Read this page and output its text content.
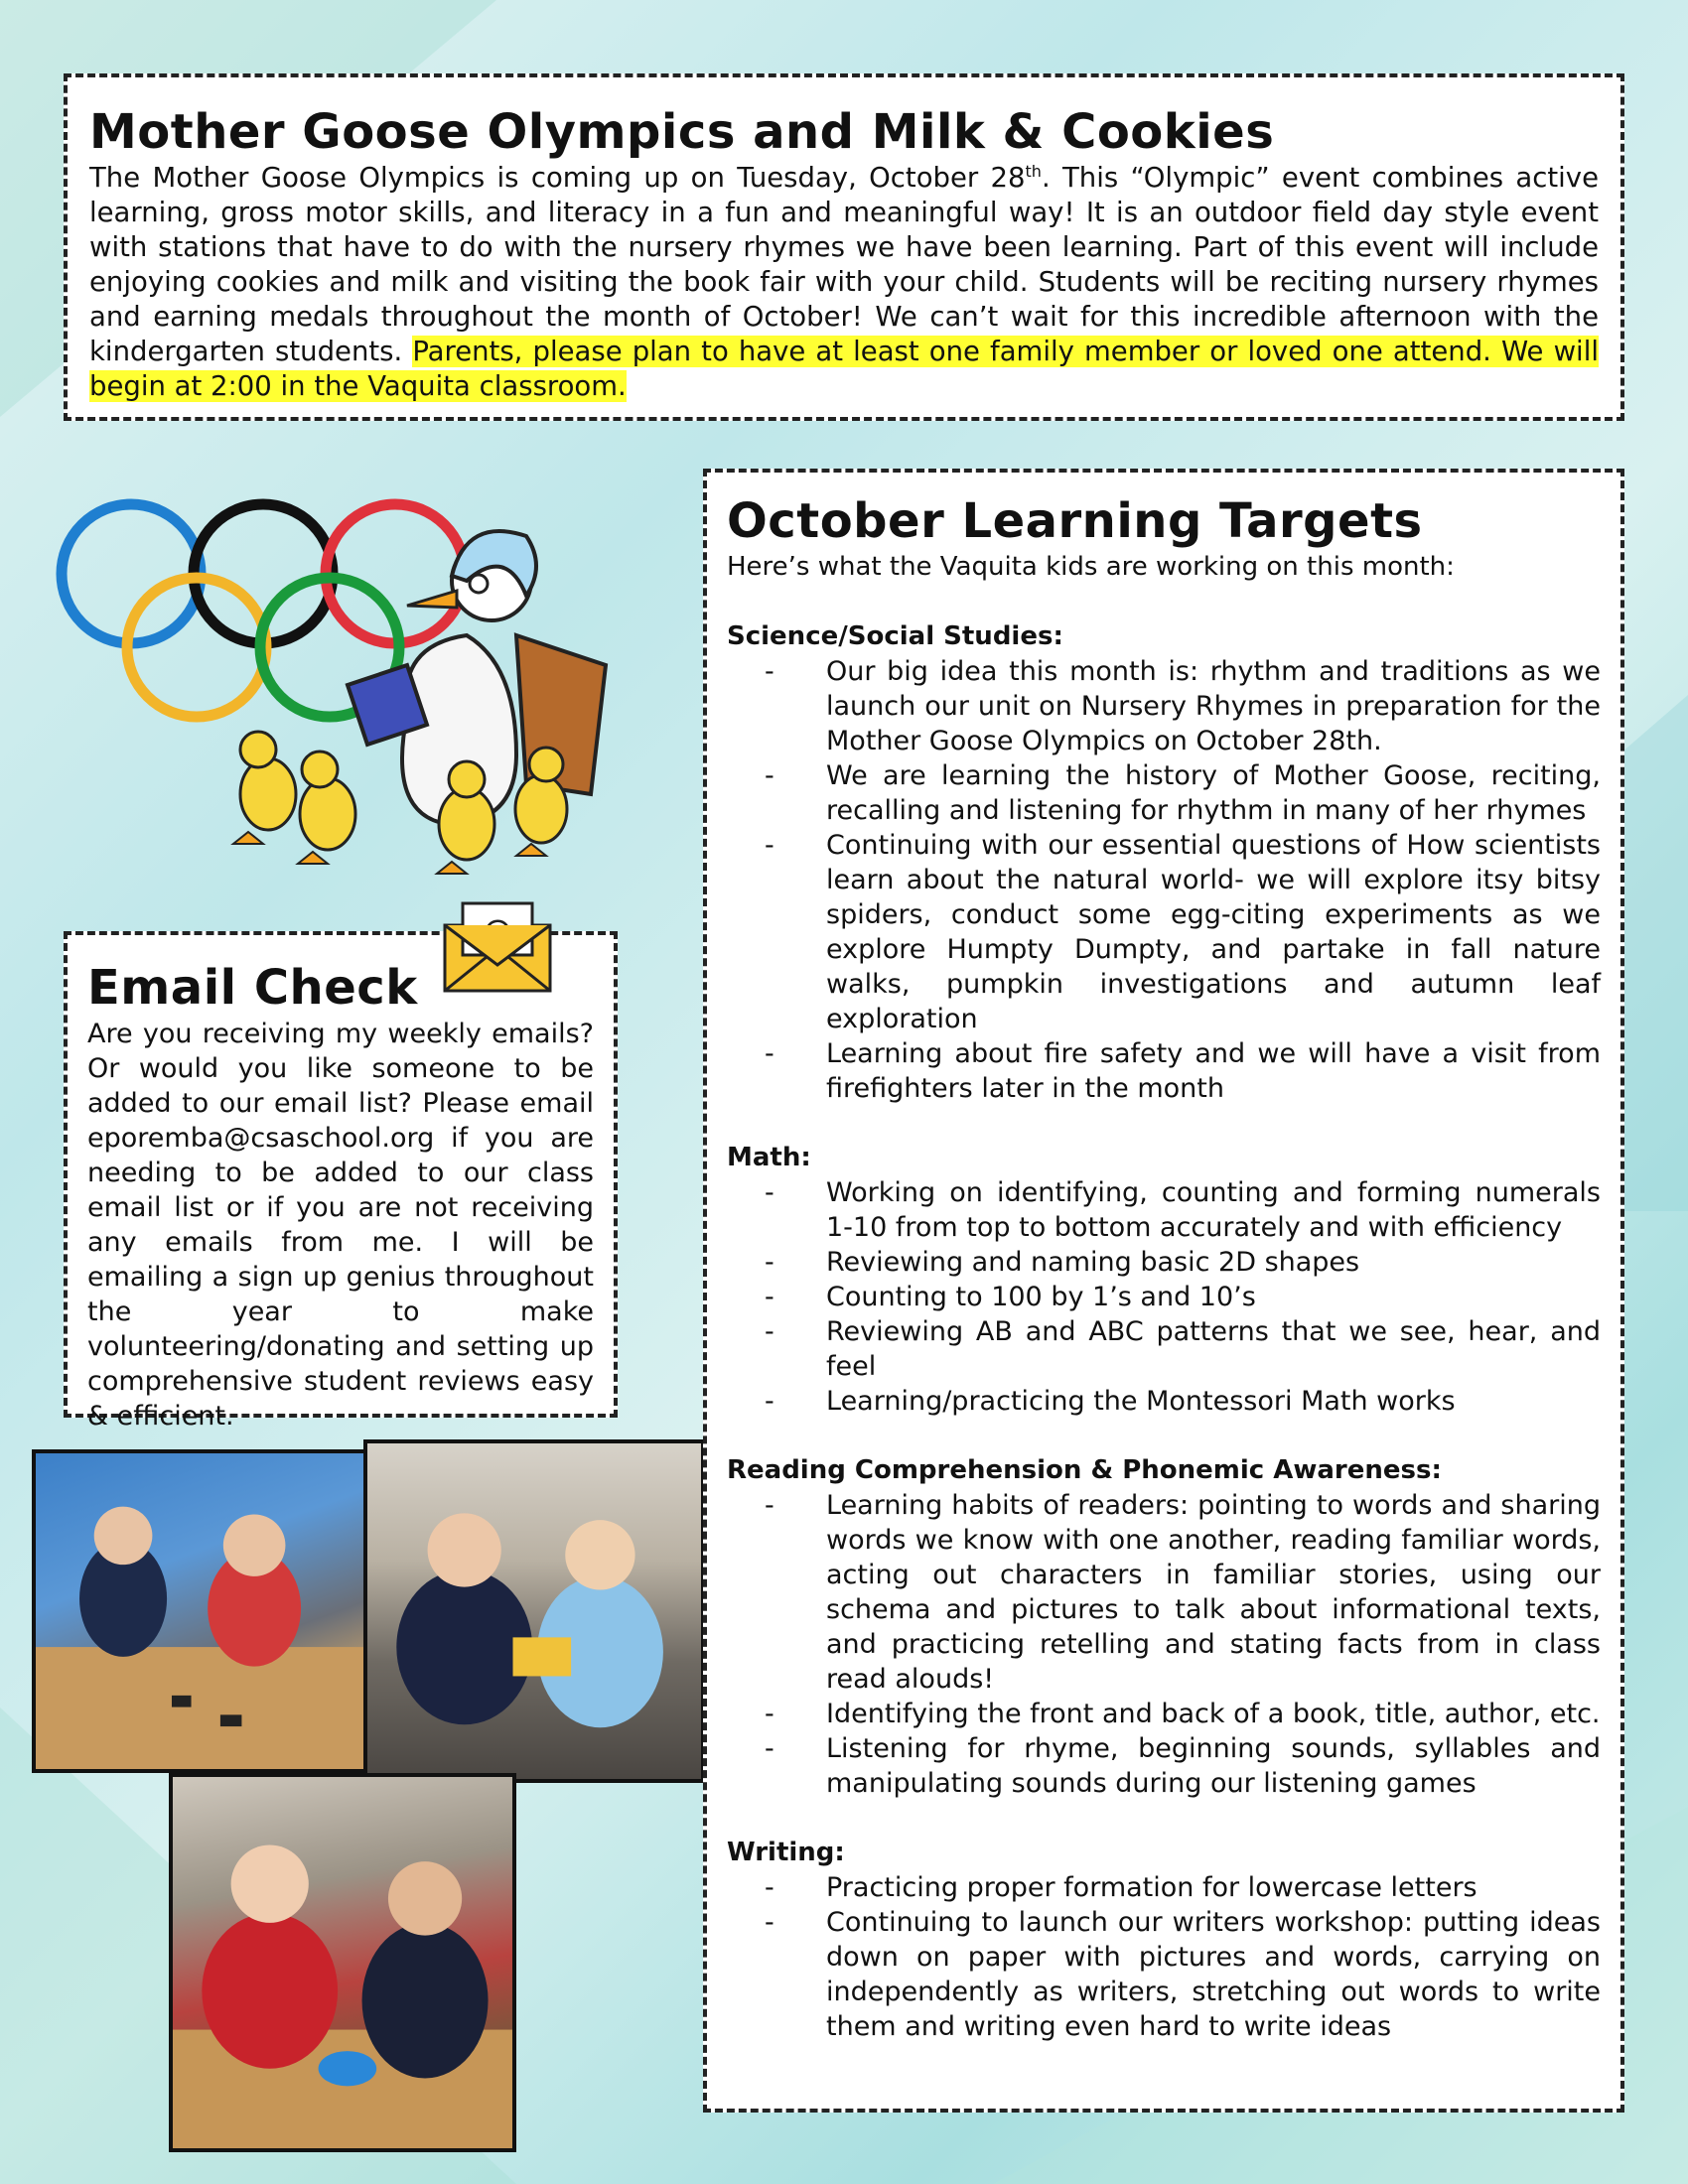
Mother Goose Olympics and Milk & Cookies
The Mother Goose Olympics is coming up on Tuesday, October 28th. This “Olympic” event combines active learning, gross motor skills, and literacy in a fun and meaningful way! It is an outdoor field day style event with stations that have to do with the nursery rhymes we have been learning. Part of this event will include enjoying cookies and milk and visiting the book fair with your child. Students will be reciting nursery rhymes and earning medals throughout the month of October! We can’t wait for this incredible afternoon with the kindergarten students. Parents, please plan to have at least one family member or loved one attend. We will begin at 2:00 in the Vaquita classroom.
Email Check
Are you receiving my weekly emails? Or would you like someone to be added to our email list? Please email eporemba@csaschool.org if you are needing to be added to our class email list or if you are not receiving any emails from me. I will be emailing a sign up genius throughout the year to make volunteering/donating and setting up comprehensive student reviews easy & efficient.
October Learning Targets
Here’s what the Vaquita kids are working on this month:
Science/Social Studies:
- Our big idea this month is: rhythm and traditions as we launch our unit on Nursery Rhymes in preparation for the Mother Goose Olympics on October 28th.
- We are learning the history of Mother Goose, reciting, recalling and listening for rhythm in many of her rhymes
- Continuing with our essential questions of How scientists learn about the natural world- we will explore itsy bitsy spiders, conduct some egg-citing experiments as we explore Humpty Dumpty, and partake in fall nature walks, pumpkin investigations and autumn leaf exploration
- Learning about fire safety and we will have a visit from firefighters later in the month
Math:
- Working on identifying, counting and forming numerals 1-10 from top to bottom accurately and with efficiency
- Reviewing and naming basic 2D shapes
- Counting to 100 by 1’s and 10’s
- Reviewing AB and ABC patterns that we see, hear, and feel
- Learning/practicing the Montessori Math works
Reading Comprehension & Phonemic Awareness:
- Learning habits of readers: pointing to words and sharing words we know with one another, reading familiar words, acting out characters in familiar stories, using our schema and pictures to talk about informational texts, and practicing retelling and stating facts from in class read alouds!
- Identifying the front and back of a book, title, author, etc.
- Listening for rhyme, beginning sounds, syllables and manipulating sounds during our listening games
Writing:
- Practicing proper formation for lowercase letters
- Continuing to launch our writers workshop: putting ideas down on paper with pictures and words, carrying on independently as writers, stretching out words to write them and writing even hard to write ideas
